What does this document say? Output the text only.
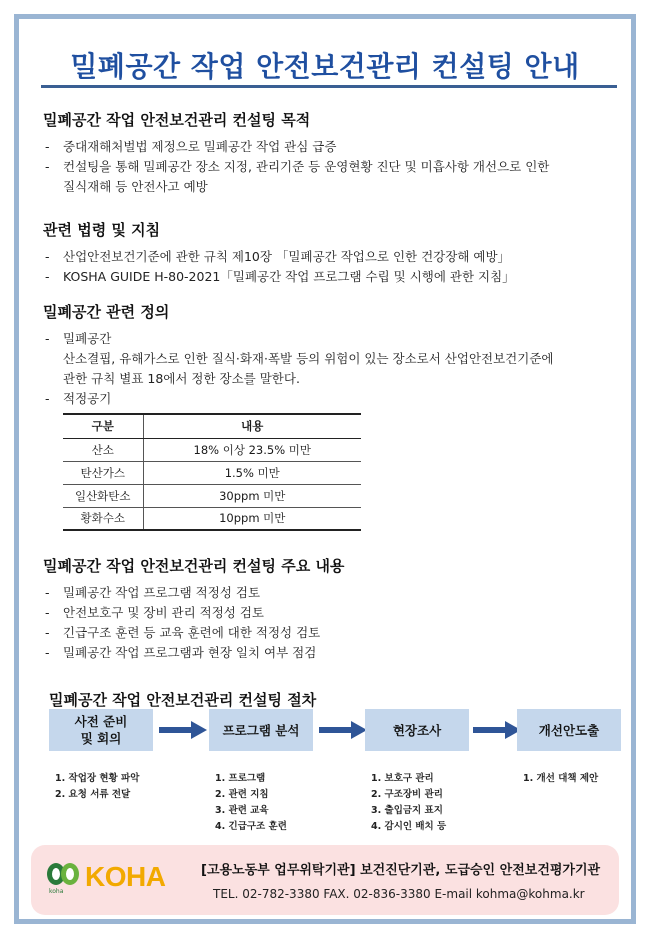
밀폐공간 작업 안전보건관리 컨설팅 안내
밀폐공간 작업 안전보건관리 컨설팅 목적
- 중대재해처벌법 제정으로 밀폐공간 작업 관심 급증
- 컨설팅을 통해 밀폐공간 장소 지정, 관리기준 등 운영현황 진단 및 미흡사항 개선으로 인한
질식재해 등 안전사고 예방
관련 법령 및 지침
- 산업안전보건기준에 관한 규칙 제10장 「밀폐공간 작업으로 인한 건강장해 예방」
- KOSHA GUIDE H-80-2021「밀폐공간 작업 프로그램 수립 및 시행에 관한 지침」
밀폐공간 관련 정의
- 밀폐공간
산소결핍, 유해가스로 인한 질식·화재·폭발 등의 위험이 있는 장소로서 산업안전보건기준에
관한 규칙 별표 18에서 정한 장소를 말한다.
- 적정공기
구분	내용
산소	18% 이상 23.5% 미만
탄산가스	1.5% 미만
일산화탄소	30ppm 미만
황화수소	10ppm 미만
밀폐공간 작업 안전보건관리 컨설팅 주요 내용
- 밀폐공간 작업 프로그램 적정성 검토
- 안전보호구 및 장비 관리 적정성 검토
- 긴급구조 훈련 등 교육 훈련에 대한 적정성 검토
- 밀폐공간 작업 프로그램과 현장 일치 여부 점검
밀폐공간 작업 안전보건관리 컨설팅 절차
사전 준비
및 회의
프로그램 분석	현장조사	개선안도출
1. 작업장 현황 파악
2. 요청 서류 전달
1. 프로그램
2. 관련 지침
3. 관련 교육
4. 긴급구조 훈련
1. 보호구 관리
2. 구조장비 관리
3. 출입금지 표지
4. 감시인 배치 등
1. 개선 대책 제안
koha KOHA	[고용노동부 업무위탁기관] 보건진단기관, 도급승인 안전보건평가기관
TEL. 02-782-3380 FAX. 02-836-3380 E-mail kohma@kohma.kr
